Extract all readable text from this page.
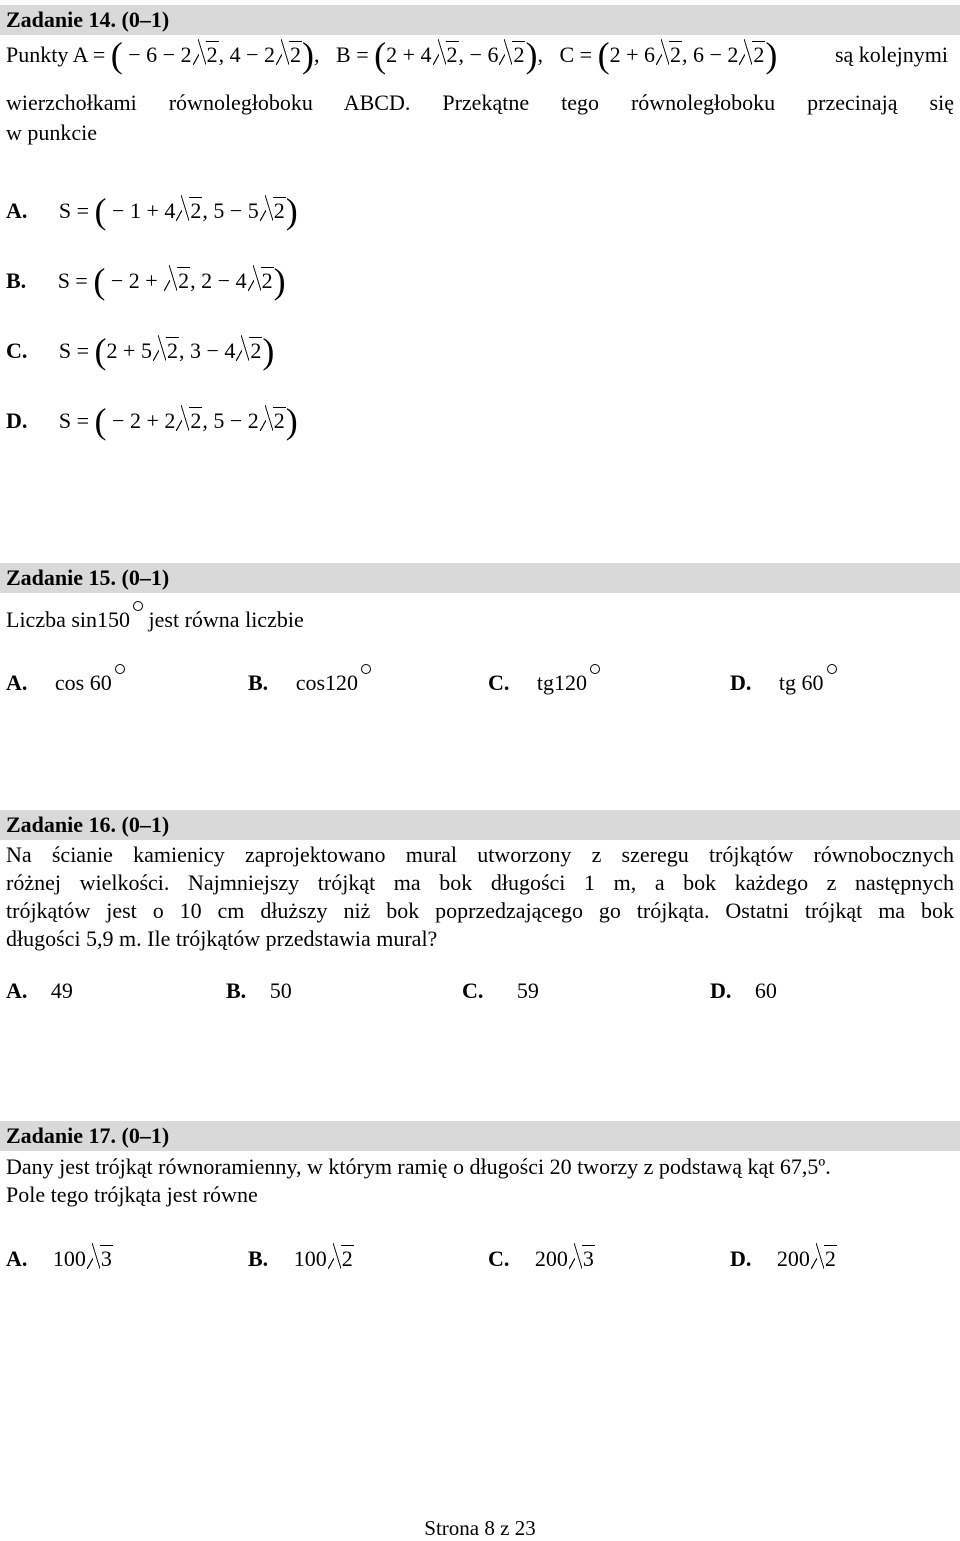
Zadanie 14. (0–1)
Punkty A = ( − 6 − 2 2, 4 − 2 2), B = (2 + 4 2, − 6 2), C = (2 + 6 2, 6 − 2 2)	są kolejnymi
wierzchołkami równoległoboku ABCD. Przekątne tego równoległoboku przecinają się
w punkcie
A. S = ( − 1 + 4 2, 5 − 5 2)
B. S = ( − 2 + 2, 2 − 4 2)
C. S = (2 + 5 2, 3 − 4 2)
D. S = ( − 2 + 2 2, 5 − 2 2)
Zadanie 15. (0–1)
Liczba sin150 jest równa liczbie
A. cos 60	B. cos120	C. tg120	D. tg 60
Zadanie 16. (0–1)
Na ścianie kamienicy zaprojektowano mural utworzony z szeregu trójkątów równobocznych
różnej wielkości. Najmniejszy trójkąt ma bok długości 1 m, a bok każdego z następnych
trójkątów jest o 10 cm dłuższy niż bok poprzedzającego go trójkąta. Ostatni trójkąt ma bok
długości 5,9 m. Ile trójkątów przedstawia mural?
A. 49	B. 50	C. 59	D. 60
Zadanie 17. (0–1)
Dany jest trójkąt równoramienny, w którym ramię o długości 20 tworzy z podstawą kąt 67,5º.
Pole tego trójkąta jest równe
A. 100 3	B. 100 2	C. 200 3	D. 200 2
Strona 8 z 23
